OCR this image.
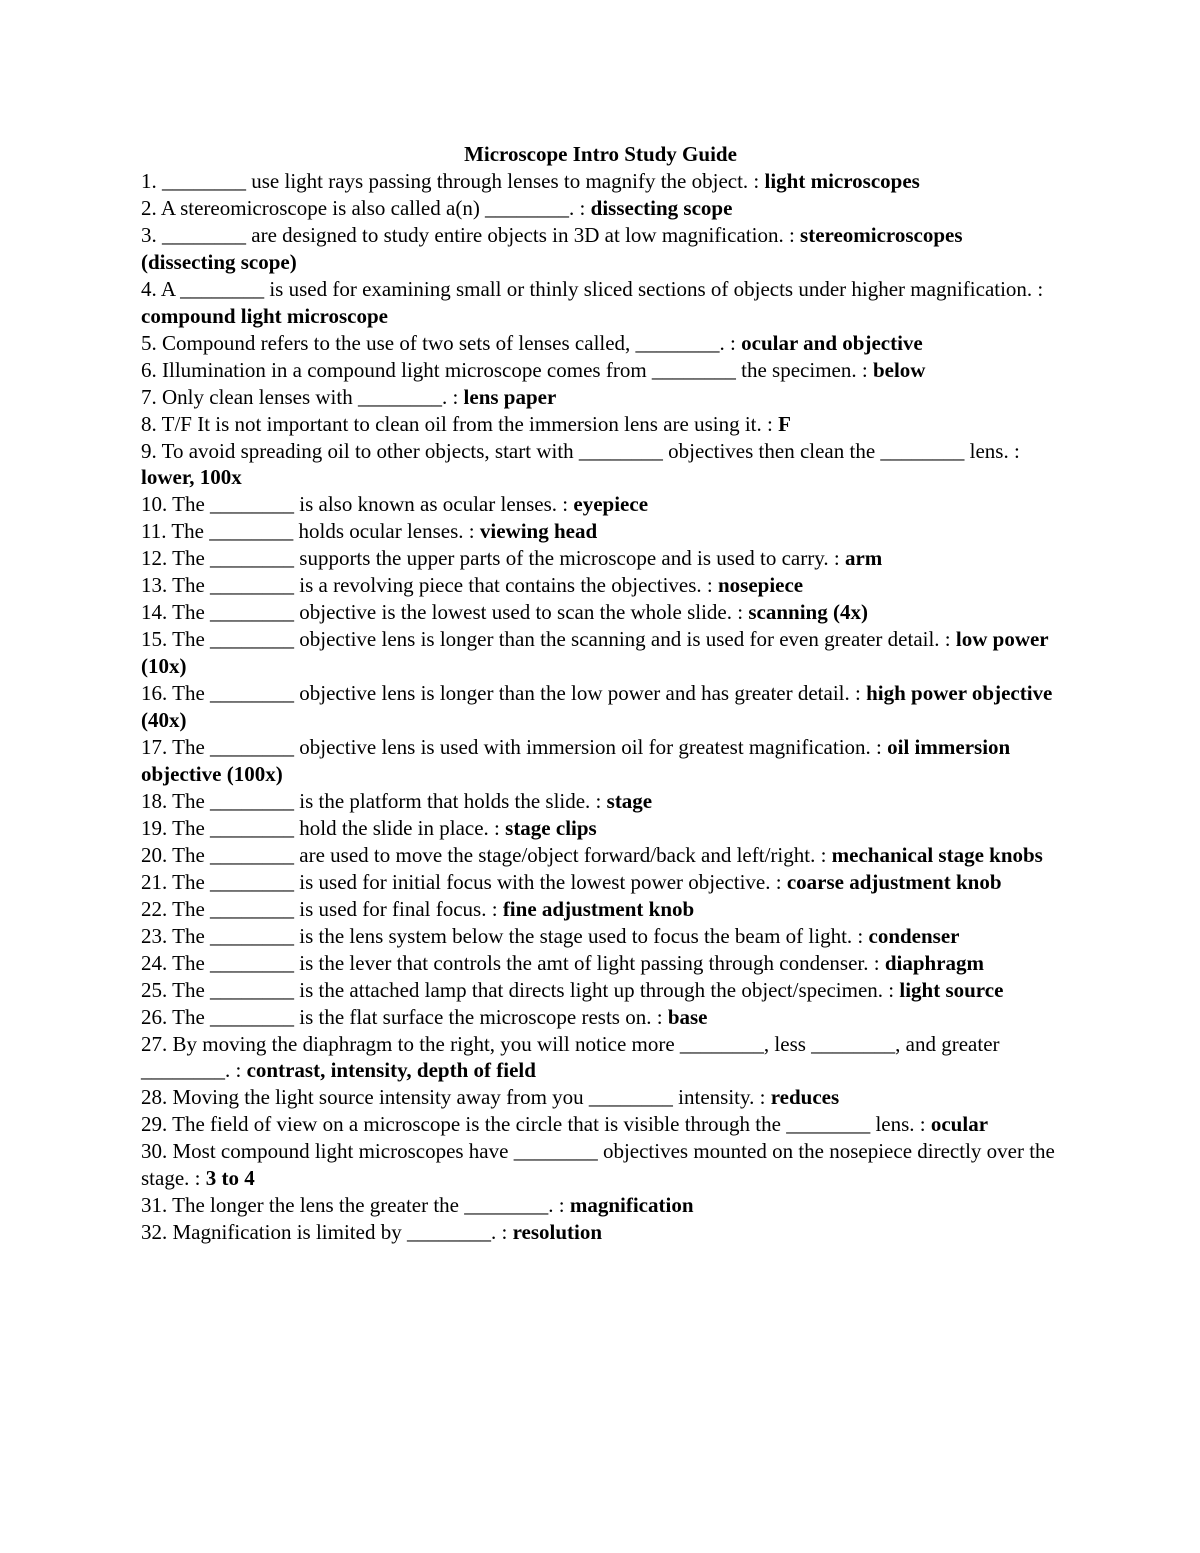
Microscope Intro Study Guide
1. ________ use light rays passing through lenses to magnify the object. : light microscopes
2. A stereomicroscope is also called a(n) ________. : dissecting scope
3. ________ are designed to study entire objects in 3D at low magnification. : stereomicroscopes (dissecting scope)
4. A ________ is used for examining small or thinly sliced sections of objects under higher magnification. : compound light microscope
5. Compound refers to the use of two sets of lenses called, ________. : ocular and objective
6. Illumination in a compound light microscope comes from ________ the specimen. : below
7. Only clean lenses with ________. : lens paper
8. T/F It is not important to clean oil from the immersion lens are using it. : F
9. To avoid spreading oil to other objects, start with ________ objectives then clean the ________ lens. : lower, 100x
10. The ________ is also known as ocular lenses. : eyepiece
11. The ________ holds ocular lenses. : viewing head
12. The ________ supports the upper parts of the microscope and is used to carry. : arm
13. The ________ is a revolving piece that contains the objectives. : nosepiece
14. The ________ objective is the lowest used to scan the whole slide. : scanning (4x)
15. The ________ objective lens is longer than the scanning and is used for even greater detail. : low power (10x)
16. The ________ objective lens is longer than the low power and has greater detail. : high power objective (40x)
17. The ________ objective lens is used with immersion oil for greatest magnification. : oil immersion objective (100x)
18. The ________ is the platform that holds the slide. : stage
19. The ________ hold the slide in place. : stage clips
20. The ________ are used to move the stage/object forward/back and left/right. : mechanical stage knobs
21. The ________ is used for initial focus with the lowest power objective. : coarse adjustment knob
22. The ________ is used for final focus. : fine adjustment knob
23. The ________ is the lens system below the stage used to focus the beam of light. : condenser
24. The ________ is the lever that controls the amt of light passing through condenser. : diaphragm
25. The ________ is the attached lamp that directs light up through the object/specimen. : light source
26. The ________ is the flat surface the microscope rests on. : base
27. By moving the diaphragm to the right, you will notice more ________, less ________, and greater ________. : contrast, intensity, depth of field
28. Moving the light source intensity away from you ________ intensity. : reduces
29. The field of view on a microscope is the circle that is visible through the ________ lens. : ocular
30. Most compound light microscopes have ________ objectives mounted on the nosepiece directly over the stage. : 3 to 4
31. The longer the lens the greater the ________. : magnification
32. Magnification is limited by ________. : resolution
